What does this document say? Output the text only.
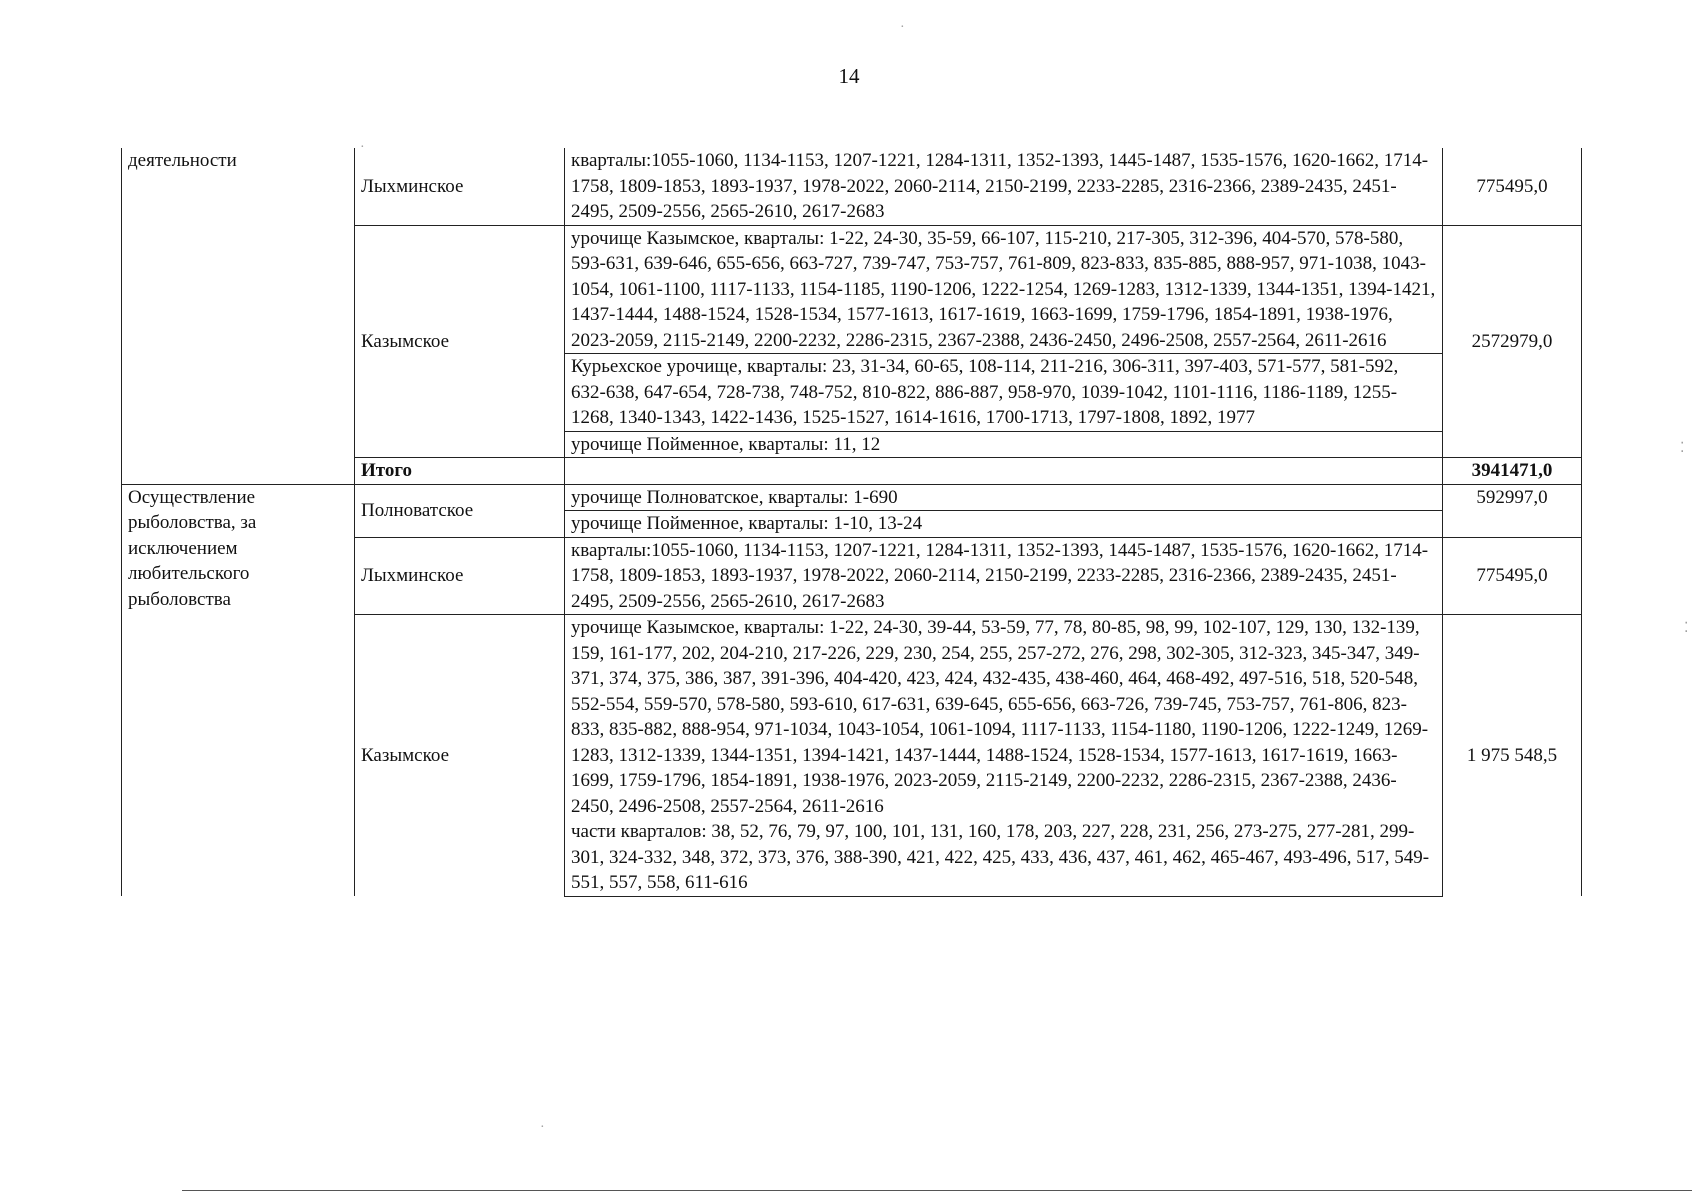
14
деятельности	Лыхминское	кварталы:1055-1060, 1134-1153, 1207-1221, 1284-1311, 1352-1393, 1445-1487, 1535-1576, 1620-1662, 1714-1758, 1809-1853, 1893-1937, 1978-2022, 2060-2114, 2150-2199, 2233-2285, 2316-2366, 2389-2435, 2451-2495, 2509-2556, 2565-2610, 2617-2683	775495,0
	Казымское	урочище Казымское, кварталы: 1-22, 24-30, 35-59, 66-107, 115-210, 217-305, 312-396, 404-570, 578-580, 593-631, 639-646, 655-656, 663-727, 739-747, 753-757, 761-809, 823-833, 835-885, 888-957, 971-1038, 1043-1054, 1061-1100, 1117-1133, 1154-1185, 1190-1206, 1222-1254, 1269-1283, 1312-1339, 1344-1351, 1394-1421, 1437-1444, 1488-1524, 1528-1534, 1577-1613, 1617-1619, 1663-1699, 1759-1796, 1854-1891, 1938-1976, 2023-2059, 2115-2149, 2200-2232, 2286-2315, 2367-2388, 2436-2450, 2496-2508, 2557-2564, 2611-2616
Курьехское урочище, кварталы: 23, 31-34, 60-65, 108-114, 211-216, 306-311, 397-403, 571-577, 581-592, 632-638, 647-654, 728-738, 748-752, 810-822, 886-887, 958-970, 1039-1042, 1101-1116, 1186-1189, 1255-1268, 1340-1343, 1422-1436, 1525-1527, 1614-1616, 1700-1713, 1797-1808, 1892, 1977
урочище Пойменное, кварталы: 11, 12	2572979,0
	Итого		3941471,0
Осуществление рыболовства, за исключением любительского рыболовства	Полноватское	урочище Полноватское, кварталы: 1-690
урочище Пойменное, кварталы: 1-10, 13-24	592997,0
	Лыхминское	кварталы:1055-1060, 1134-1153, 1207-1221, 1284-1311, 1352-1393, 1445-1487, 1535-1576, 1620-1662, 1714-1758, 1809-1853, 1893-1937, 1978-2022, 2060-2114, 2150-2199, 2233-2285, 2316-2366, 2389-2435, 2451-2495, 2509-2556, 2565-2610, 2617-2683	775495,0
	Казымское	урочище Казымское, кварталы: 1-22, 24-30, 39-44, 53-59, 77, 78, 80-85, 98, 99, 102-107, 129, 130, 132-139, 159, 161-177, 202, 204-210, 217-226, 229, 230, 254, 255, 257-272, 276, 298, 302-305, 312-323, 345-347, 349-371, 374, 375, 386, 387, 391-396, 404-420, 423, 424, 432-435, 438-460, 464, 468-492, 497-516, 518, 520-548, 552-554, 559-570, 578-580, 593-610, 617-631, 639-645, 655-656, 663-726, 739-745, 753-757, 761-806, 823-833, 835-882, 888-954, 971-1034, 1043-1054, 1061-1094, 1117-1133, 1154-1180, 1190-1206, 1222-1249, 1269-1283, 1312-1339, 1344-1351, 1394-1421, 1437-1444, 1488-1524, 1528-1534, 1577-1613, 1617-1619, 1663-1699, 1759-1796, 1854-1891, 1938-1976, 2023-2059, 2115-2149, 2200-2232, 2286-2315, 2367-2388, 2436-2450, 2496-2508, 2557-2564, 2611-2616
части кварталов: 38, 52, 76, 79, 97, 100, 101, 131, 160, 178, 203, 227, 228, 231, 256, 273-275, 277-281, 299-301, 324-332, 348, 372, 373, 376, 388-390, 421, 422, 425, 433, 436, 437, 461, 462, 465-467, 493-496, 517, 549-551, 557, 558, 611-616	1 975 548,5
·
·
⁚
⁚
·
